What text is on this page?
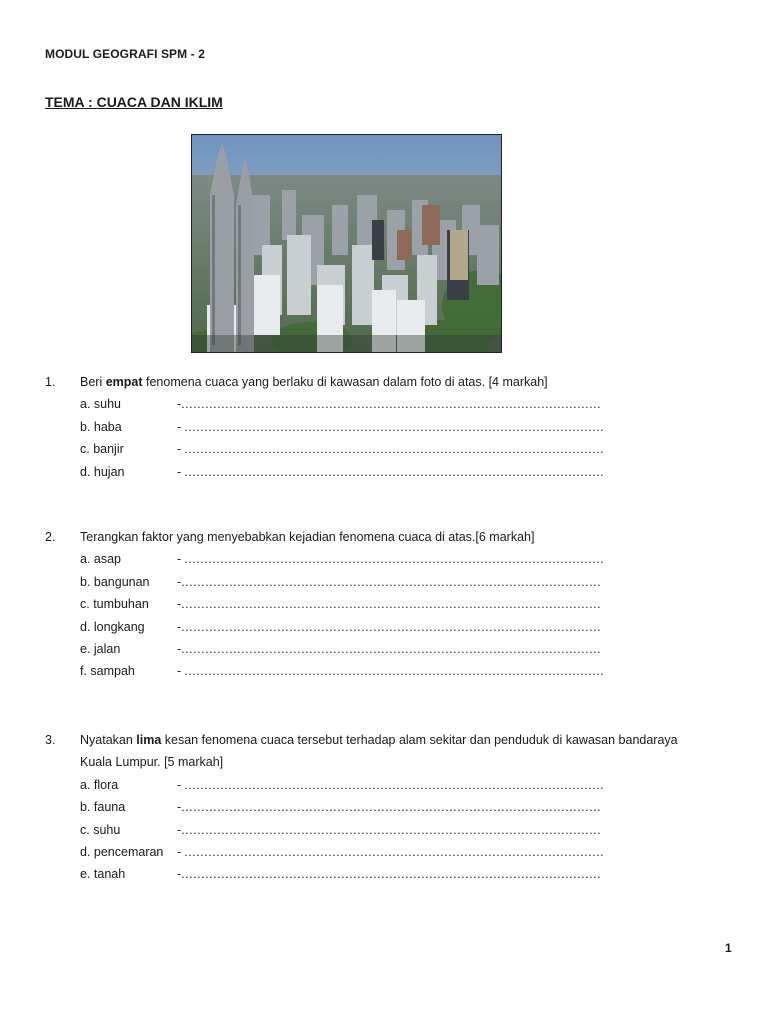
MODUL GEOGRAFI SPM - 2
TEMA : CUACA DAN IKLIM
1. Beri empat fenomena cuaca yang berlaku di kawasan dalam foto di atas. [4 markah]
a. suhu	-……………………………………………………………………………………………
b. haba	- ……………………………………………………………………………………………
c. banjir	- ……………………………………………………………………………………………
d. hujan	- ……………………………………………………………………………………………
2. Terangkan faktor yang menyebabkan kejadian fenomena cuaca di atas.[6 markah]
a. asap	- ……………………………………………………………………………………………
b. bangunan -……………………………………………………………………………………………
c. tumbuhan -……………………………………………………………………………………………
d. longkang	-……………………………………………………………………………………………
e. jalan	-……………………………………………………………………………………………
f. sampah	- ……………………………………………………………………………………………
3. Nyatakan lima kesan fenomena cuaca tersebut terhadap alam sekitar dan penduduk di kawasan bandaraya
Kuala Lumpur. [5 markah]
a. flora	- ……………………………………………………………………………………………
b. fauna	-……………………………………………………………………………………………
c. suhu	-……………………………………………………………………………………………
d. pencemaran - ……………………………………………………………………………………………
e. tanah	-……………………………………………………………………………………………
1
